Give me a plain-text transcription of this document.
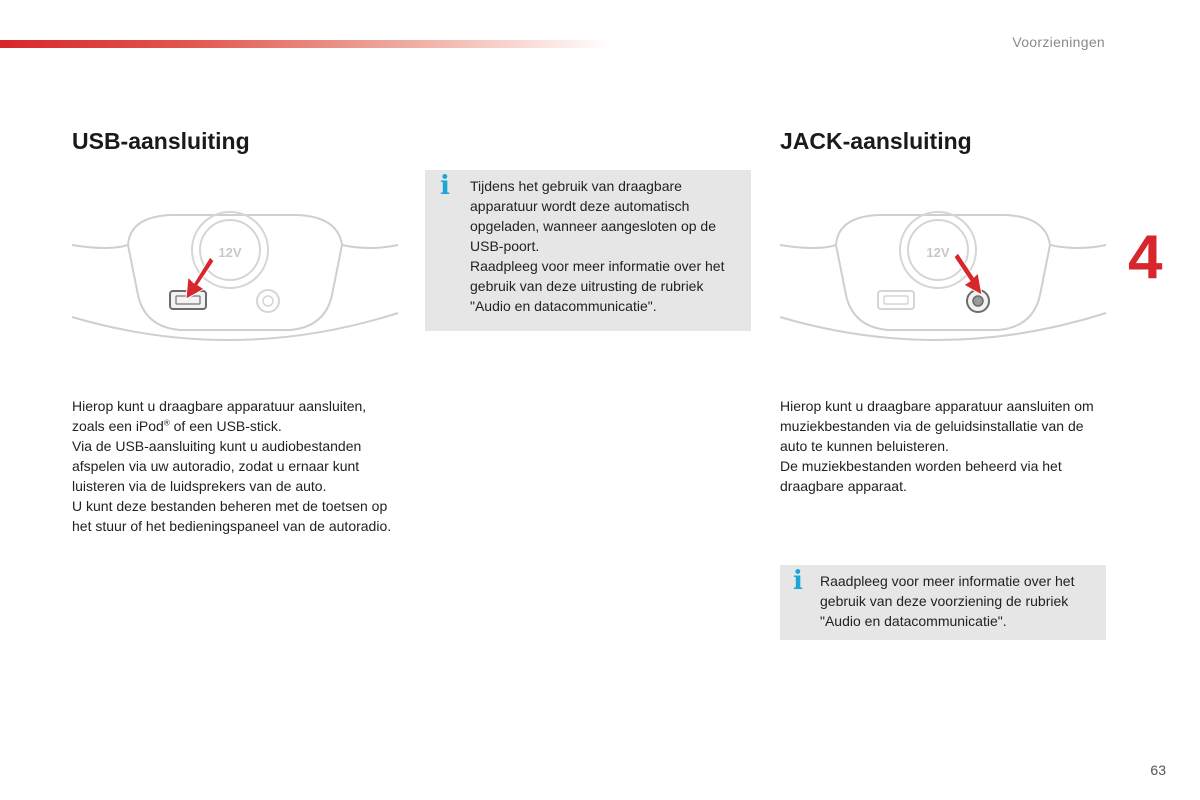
Voorzieningen
USB-aansluiting
12V

Hierop kunt u draagbare apparatuur aansluiten, zoals een iPod® of een USB-stick.

Via de USB-aansluiting kunt u audiobestanden afspelen via uw autoradio, zodat u ernaar kunt luisteren via de luidsprekers van de auto.

U kunt deze bestanden beheren met de toetsen op het stuur of het bedieningspaneel van de autoradio.

i Tijdens het gebruik van draagbare apparatuur wordt deze automatisch opgeladen, wanneer aangesloten op de USB-poort.

Raadpleeg voor meer informatie over het gebruik van deze uitrusting de rubriek "Audio en datacommunicatie".

JACK-aansluiting
12V

Hierop kunt u draagbare apparatuur aansluiten om muziekbestanden via de geluidsinstallatie van de auto te kunnen beluisteren.

De muziekbestanden worden beheerd via het draagbare apparaat.

i Raadpleeg voor meer informatie over het gebruik van deze voorziening de rubriek "Audio en datacommunicatie".

4
63
